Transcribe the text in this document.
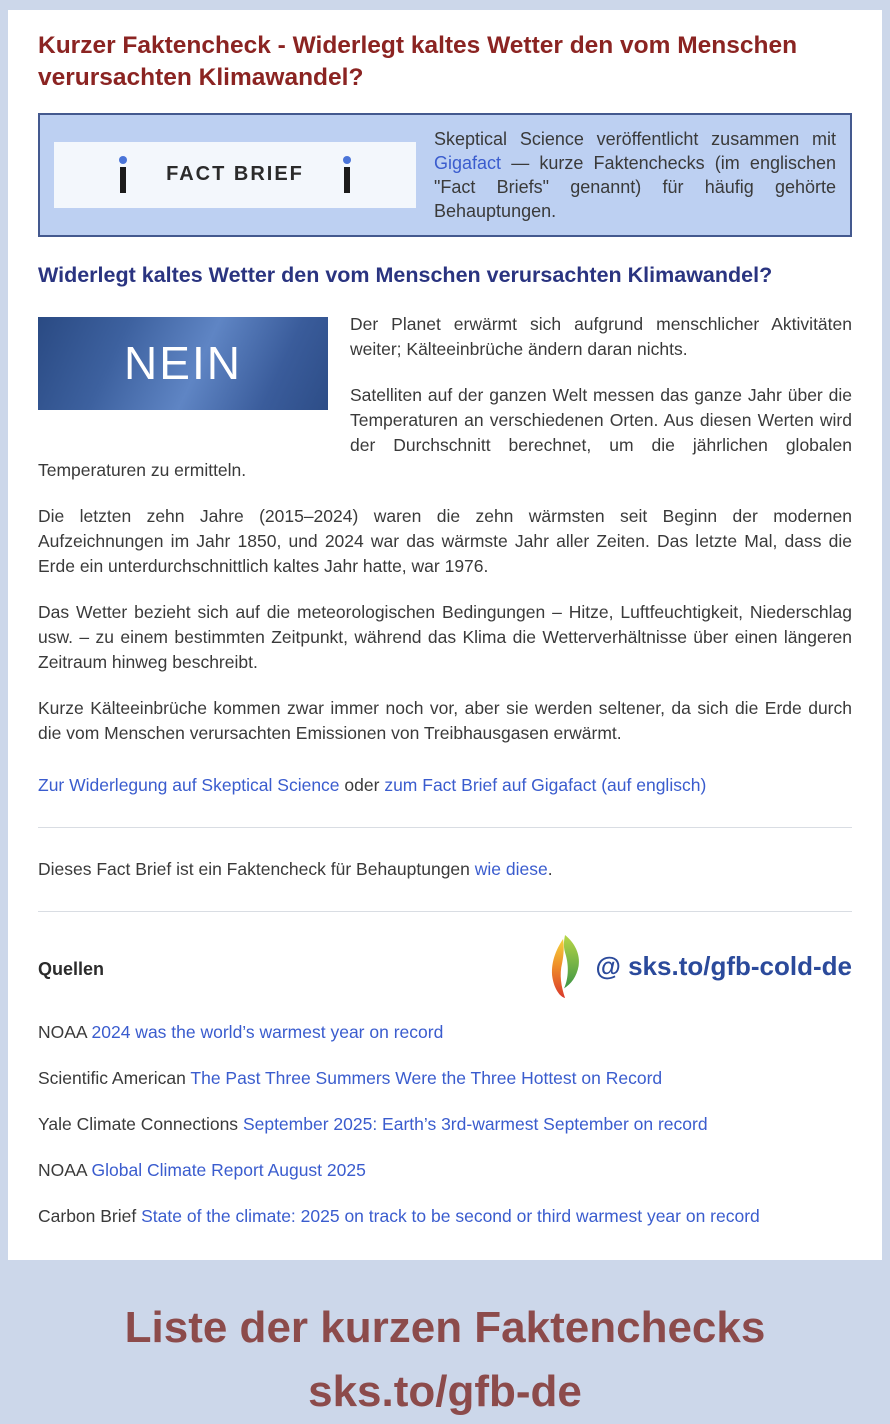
Kurzer Faktencheck - Widerlegt kaltes Wetter den vom Menschen verursachten Klimawandel?
FACT BRIEF
Skeptical Science veröffentlicht zusammen mit Gigafact — kurze Faktenchecks (im englischen "Fact Briefs" genannt) für häufig gehörte Behauptungen.
Widerlegt kaltes Wetter den vom Menschen verursachten Klimawandel?
NEIN

Der Planet erwärmt sich aufgrund menschlicher Aktivitäten weiter; Kälteeinbrüche ändern daran nichts.

Satelliten auf der ganzen Welt messen das ganze Jahr über die Temperaturen an verschiedenen Orten. Aus diesen Werten wird der Durchschnitt berechnet, um die jährlichen globalen Temperaturen zu ermitteln.

Die letzten zehn Jahre (2015–2024) waren die zehn wärmsten seit Beginn der modernen Aufzeichnungen im Jahr 1850, und 2024 war das wärmste Jahr aller Zeiten. Das letzte Mal, dass die Erde ein unterdurchschnittlich kaltes Jahr hatte, war 1976.

Das Wetter bezieht sich auf die meteorologischen Bedingungen – Hitze, Luftfeuchtigkeit, Niederschlag usw. – zu einem bestimmten Zeitpunkt, während das Klima die Wetterverhältnisse über einen längeren Zeitraum hinweg beschreibt.

Kurze Kälteeinbrüche kommen zwar immer noch vor, aber sie werden seltener, da sich die Erde durch die vom Menschen verursachten Emissionen von Treibhausgasen erwärmt.

Zur Widerlegung auf Skeptical Science oder zum Fact Brief auf Gigafact (auf englisch)

Dieses Fact Brief ist ein Faktencheck für Behauptungen wie diese.

Quellen	@ sks.to/gfb-cold-de

NOAA 2024 was the world’s warmest year on record

Scientific American The Past Three Summers Were the Three Hottest on Record

Yale Climate Connections September 2025: Earth’s 3rd-warmest September on record

NOAA Global Climate Report August 2025

Carbon Brief State of the climate: 2025 on track to be second or third warmest year on record

Liste der kurzen Faktenchecks

sks.to/gfb-de
